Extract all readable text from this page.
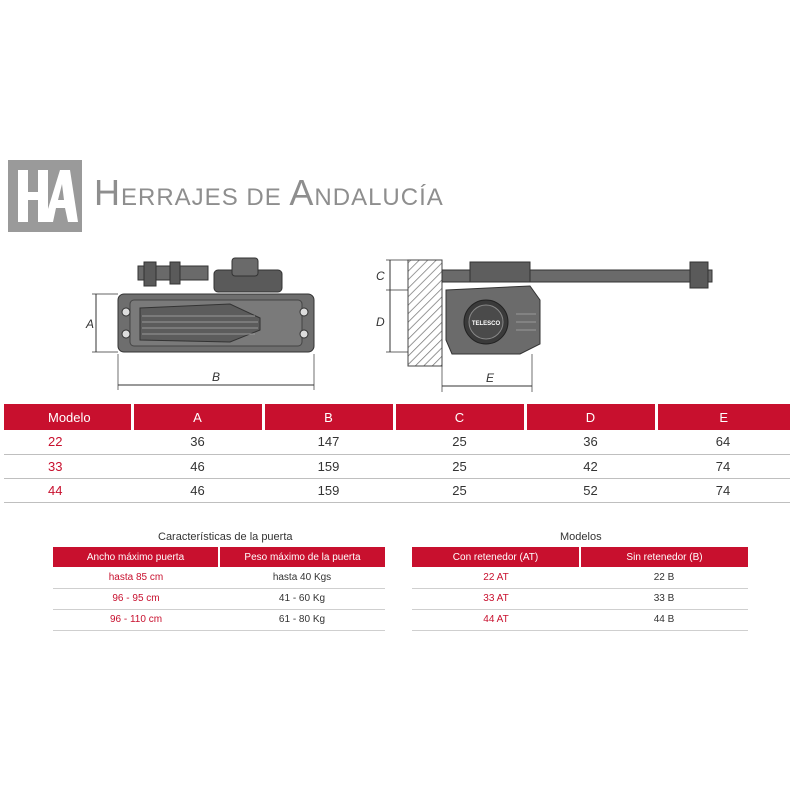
HERRAJES DE ANDALUCÍA
A
B
TELESCO
C
D
E
Modelo	A	B	C	D	E
22	36	147	25	36	64
33	46	159	25	42	74
44	46	159	25	52	74
Características de la puerta
Ancho máximo puerta	Peso máximo de la puerta
hasta 85 cm	hasta 40 Kgs
96 - 95 cm	41 - 60 Kg
96 - 110 cm	61 - 80 Kg
Modelos
Con retenedor (AT)	Sin retenedor (B)
22 AT	22 B
33 AT	33 B
44 AT	44 B
